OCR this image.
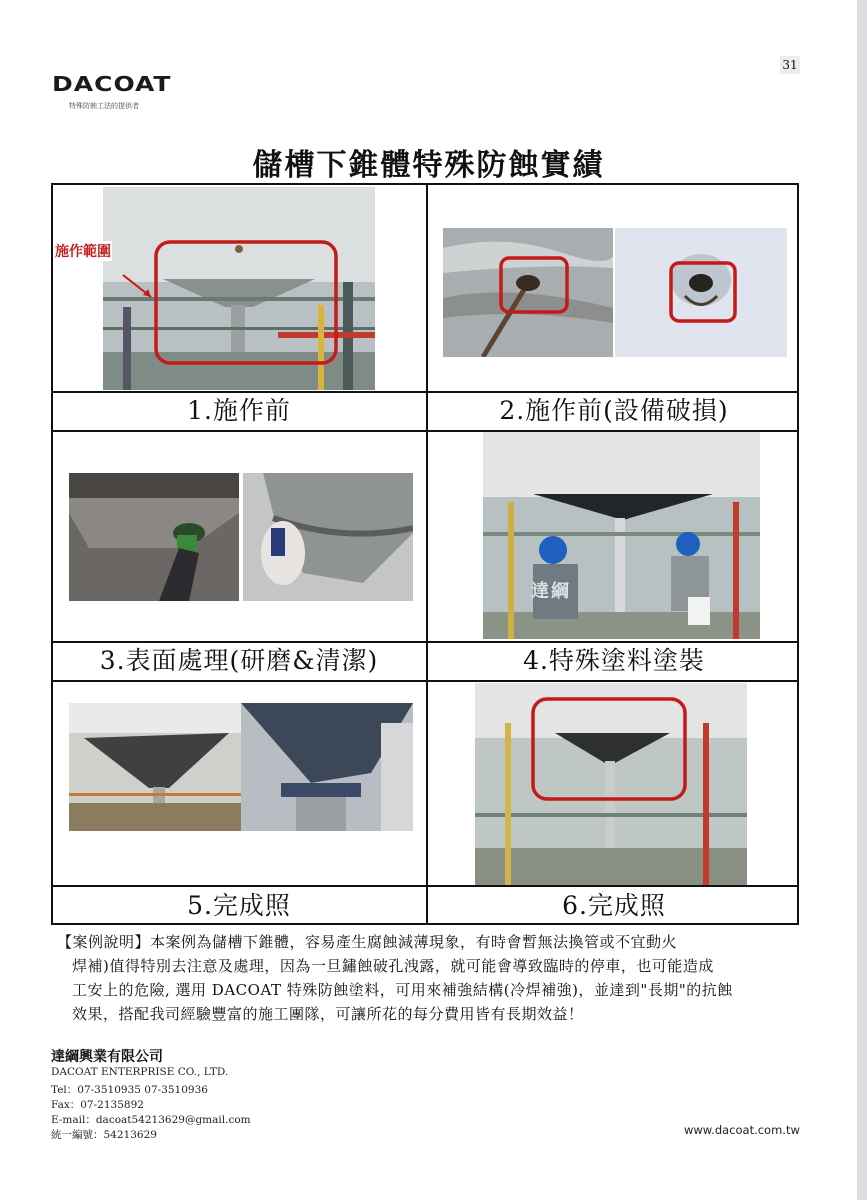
31
DACOAT
特殊防蝕工法的提供者
儲槽下錐體特殊防蝕實績
施作範圍
達綱
1.施作前	2.施作前(設備破損)
3.表面處理(研磨&清潔)	4.特殊塗料塗裝
5.完成照	6.完成照
【案例說明】本案例為儲槽下錐體，容易產生腐蝕減薄現象，有時會暫無法換管或不宜動火
焊補)值得特別去注意及處理，因為一旦鏽蝕破孔洩露，就可能會導致臨時的停車，也可能造成
工安上的危險, 選用 DACOAT 特殊防蝕塗料，可用來補強結構(冷焊補強)，並達到"長期"的抗蝕
效果，搭配我司經驗豐富的施工團隊，可讓所花的每分費用皆有長期效益！
達綱興業有限公司
DACOAT ENTERPRISE CO., LTD.
Tel：07-3510935 07-3510936
Fax：07-2135892
E-mail：dacoat54213629@gmail.com
統一編號：54213629	www.dacoat.com.tw
